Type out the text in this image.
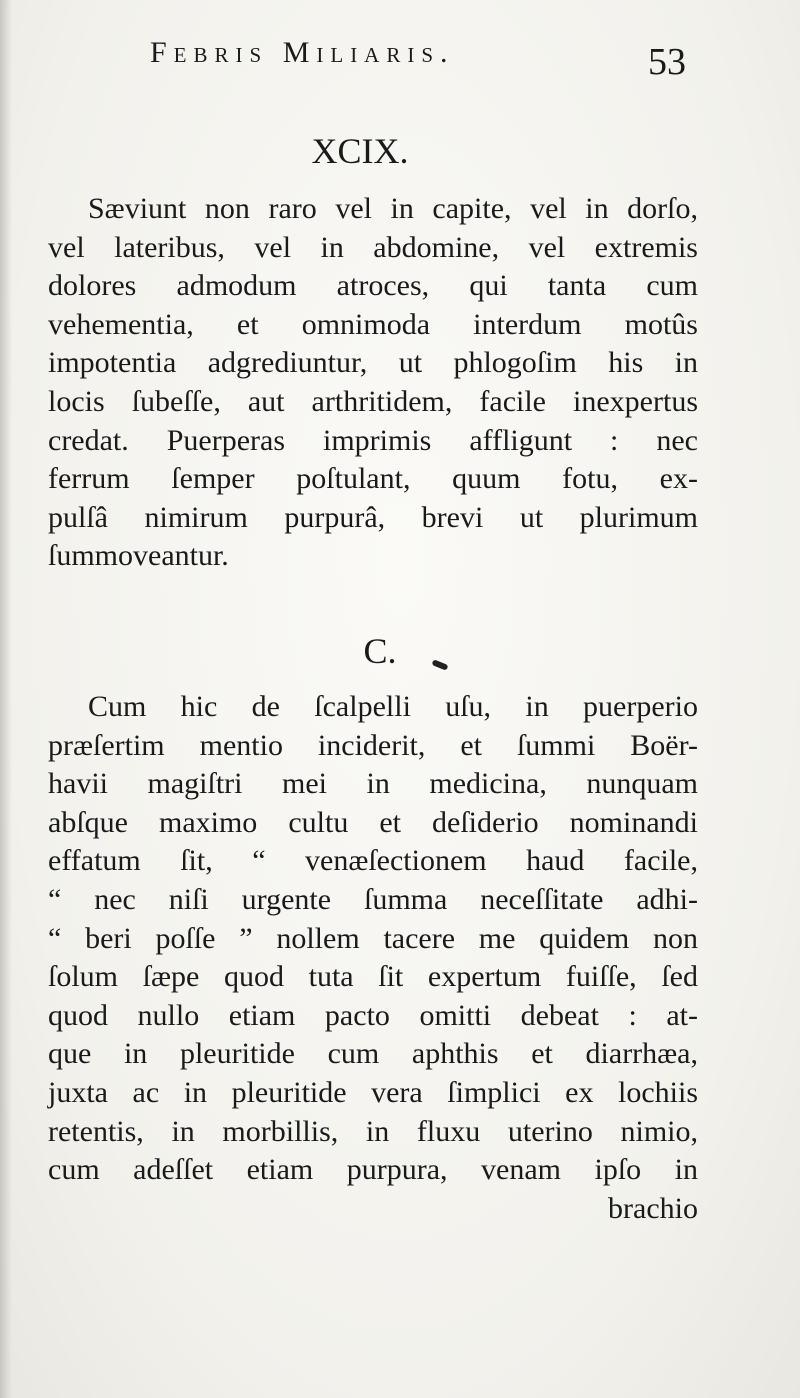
Febris Miliaris.	53
XCIX.
Sæviunt non raro vel in capite, vel in dorſo,
vel lateribus, vel in abdomine, vel extremis
dolores admodum atroces, qui tanta cum
vehementia, et omnimoda interdum motûs
impotentia adgrediuntur, ut phlogoſim his in
locis ſubeſſe, aut arthritidem, facile inexpertus
credat. Puerperas imprimis affligunt : nec
ferrum ſemper poſtulant, quum fotu, ex-
pulſâ nimirum purpurâ, brevi ut plurimum
ſummoveantur.
C.
Cum hic de ſcalpelli uſu, in puerperio
præſertim mentio inciderit, et ſummi Boër-
havii magiſtri mei in medicina, nunquam
abſque maximo cultu et deſiderio nominandi
effatum ſit, “ venæſectionem haud facile,
“ nec niſi urgente ſumma neceſſitate adhi-
“ beri poſſe ” nollem tacere me quidem non
ſolum ſæpe quod tuta ſit expertum fuiſſe, ſed
quod nullo etiam pacto omitti debeat : at-
que in pleuritide cum aphthis et diarrhæa,
juxta ac in pleuritide vera ſimplici ex lochiis
retentis, in morbillis, in fluxu uterino nimio,
cum adeſſet etiam purpura, venam ipſo in
brachio
